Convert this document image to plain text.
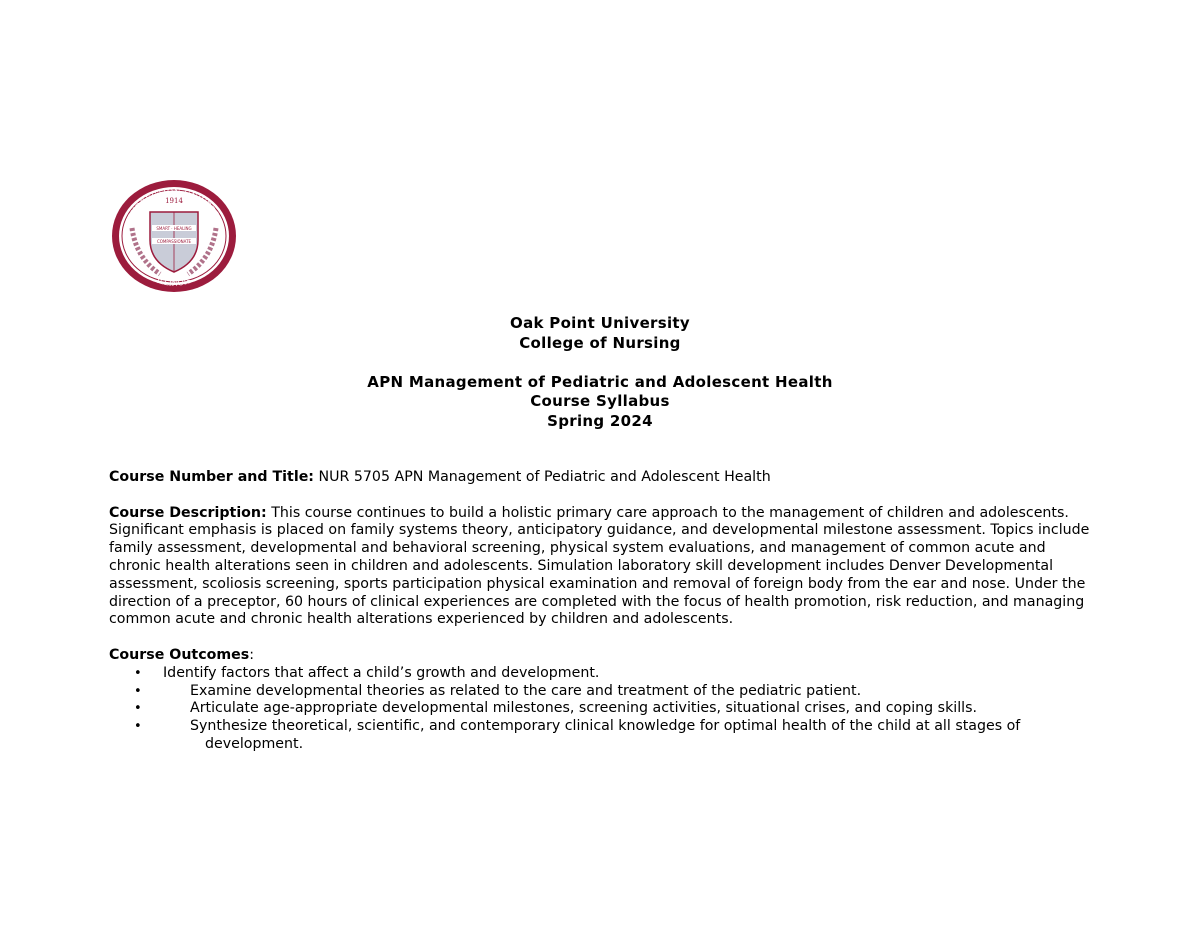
RESURRECTION UNIVERSITY
ILLINOIS
1914
SMART · HEALING
COMPASSIONATE
Oak Point University
College of Nursing
APN Management of Pediatric and Adolescent Health
Course Syllabus
Spring 2024

Course Number and Title: NUR 5705 APN Management of Pediatric and Adolescent Health

Course Description: This course continues to build a holistic primary care approach to the management of children and adolescents. Significant emphasis is placed on family systems theory, anticipatory guidance, and developmental milestone assessment. Topics include family assessment, developmental and behavioral screening, physical system evaluations, and management of common acute and chronic health alterations seen in children and adolescents. Simulation laboratory skill development includes Denver Developmental assessment, scoliosis screening, sports participation physical examination and removal of foreign body from the ear and nose. Under the direction of a preceptor, 60 hours of clinical experiences are completed with the focus of health promotion, risk reduction, and managing common acute and chronic health alterations experienced by children and adolescents.

Course Outcomes:
• Identify factors that affect a child’s growth and development.
•	Examine developmental theories as related to the care and treatment of the pediatric patient.
•	Articulate age-appropriate developmental milestones, screening activities, situational crises, and coping skills.
•	Synthesize theoretical, scientific, and contemporary clinical knowledge for optimal health of the child at all stages of
development.
